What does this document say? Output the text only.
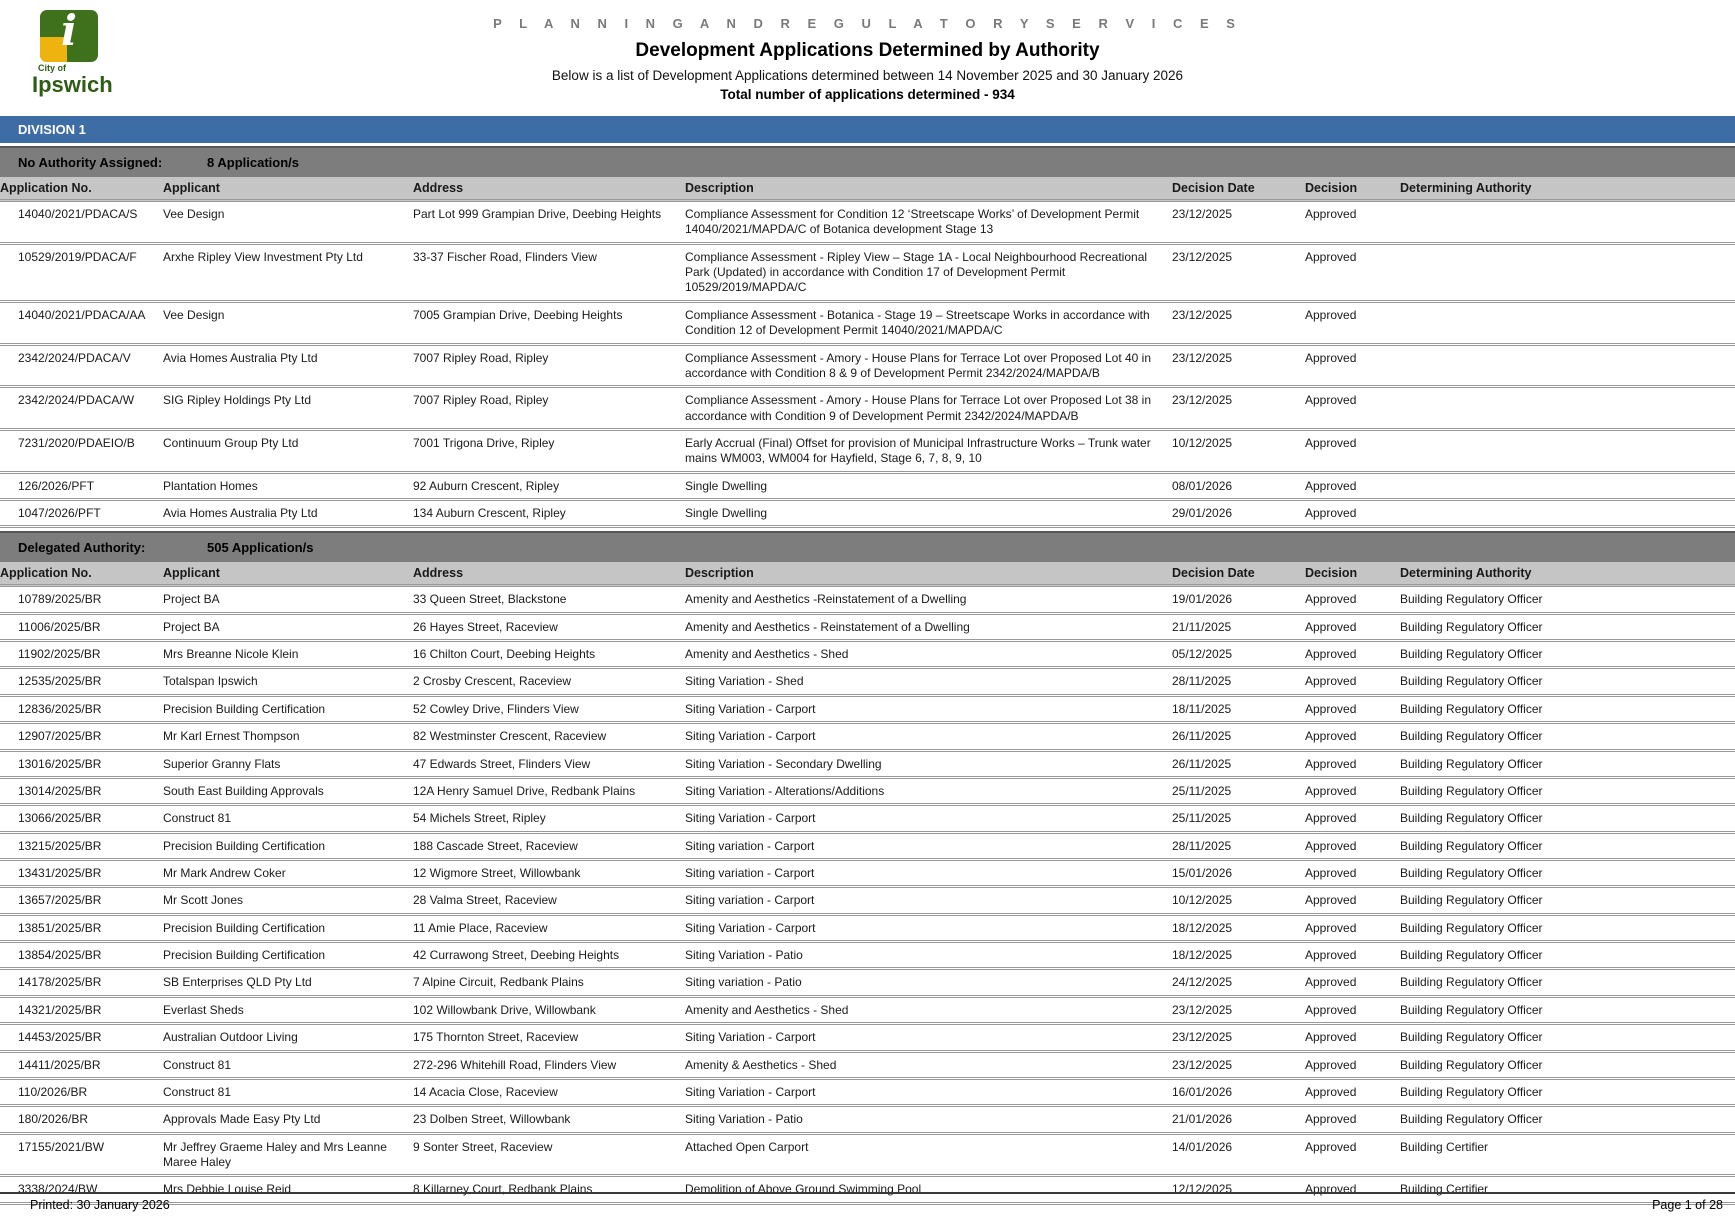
i
City of
Ipswich
P L A N N I N G A N D R E G U L A T O R Y S E R V I C E S
Development Applications Determined by Authority
Below is a list of Development Applications determined between 14 November 2025 and 30 January 2026
Total number of applications determined - 934
DIVISION 1
No Authority Assigned:	8 Application/s
Application No.	Applicant	Address	Description	Decision Date	Decision	Determining Authority
14040/2021/PDACA/S	Vee Design	Part Lot 999 Grampian Drive, Deebing Heights	Compliance Assessment for Condition 12 ‘Streetscape Works’ of Development Permit 14040/2021/MAPDA/C of Botanica development Stage 13	23/12/2025	Approved	
10529/2019/PDACA/F	Arxhe Ripley View Investment Pty Ltd	33-37 Fischer Road, Flinders View	Compliance Assessment - Ripley View – Stage 1A - Local Neighbourhood Recreational Park (Updated) in accordance with Condition 17 of Development Permit 10529/2019/MAPDA/C	23/12/2025	Approved	
14040/2021/PDACA/AA	Vee Design	7005 Grampian Drive, Deebing Heights	Compliance Assessment - Botanica - Stage 19 – Streetscape Works in accordance with Condition 12 of Development Permit 14040/2021/MAPDA/C	23/12/2025	Approved	
2342/2024/PDACA/V	Avia Homes Australia Pty Ltd	7007 Ripley Road, Ripley	Compliance Assessment - Amory - House Plans for Terrace Lot over Proposed Lot 40 in accordance with Condition 8 & 9 of Development Permit 2342/2024/MAPDA/B	23/12/2025	Approved	
2342/2024/PDACA/W	SIG Ripley Holdings Pty Ltd	7007 Ripley Road, Ripley	Compliance Assessment - Amory - House Plans for Terrace Lot over Proposed Lot 38 in accordance with Condition 9 of Development Permit 2342/2024/MAPDA/B	23/12/2025	Approved	
7231/2020/PDAEIO/B	Continuum Group Pty Ltd	7001 Trigona Drive, Ripley	Early Accrual (Final) Offset for provision of Municipal Infrastructure Works – Trunk water mains WM003, WM004 for Hayfield, Stage 6, 7, 8, 9, 10	10/12/2025	Approved	
126/2026/PFT	Plantation Homes	92 Auburn Crescent, Ripley	Single Dwelling	08/01/2026	Approved	
1047/2026/PFT	Avia Homes Australia Pty Ltd	134 Auburn Crescent, Ripley	Single Dwelling	29/01/2026	Approved	
Delegated Authority:	505 Application/s
Application No.	Applicant	Address	Description	Decision Date	Decision	Determining Authority
10789/2025/BR	Project BA	33 Queen Street, Blackstone	Amenity and Aesthetics -Reinstatement of a Dwelling	19/01/2026	Approved	Building Regulatory Officer
11006/2025/BR	Project BA	26 Hayes Street, Raceview	Amenity and Aesthetics - Reinstatement of a Dwelling	21/11/2025	Approved	Building Regulatory Officer
11902/2025/BR	Mrs Breanne Nicole Klein	16 Chilton Court, Deebing Heights	Amenity and Aesthetics - Shed	05/12/2025	Approved	Building Regulatory Officer
12535/2025/BR	Totalspan Ipswich	2 Crosby Crescent, Raceview	Siting Variation - Shed	28/11/2025	Approved	Building Regulatory Officer
12836/2025/BR	Precision Building Certification	52 Cowley Drive, Flinders View	Siting Variation - Carport	18/11/2025	Approved	Building Regulatory Officer
12907/2025/BR	Mr Karl Ernest Thompson	82 Westminster Crescent, Raceview	Siting Variation - Carport	26/11/2025	Approved	Building Regulatory Officer
13016/2025/BR	Superior Granny Flats	47 Edwards Street, Flinders View	Siting Variation - Secondary Dwelling	26/11/2025	Approved	Building Regulatory Officer
13014/2025/BR	South East Building Approvals	12A Henry Samuel Drive, Redbank Plains	Siting Variation - Alterations/Additions	25/11/2025	Approved	Building Regulatory Officer
13066/2025/BR	Construct 81	54 Michels Street, Ripley	Siting Variation - Carport	25/11/2025	Approved	Building Regulatory Officer
13215/2025/BR	Precision Building Certification	188 Cascade Street, Raceview	Siting variation - Carport	28/11/2025	Approved	Building Regulatory Officer
13431/2025/BR	Mr Mark Andrew Coker	12 Wigmore Street, Willowbank	Siting variation - Carport	15/01/2026	Approved	Building Regulatory Officer
13657/2025/BR	Mr Scott Jones	28 Valma Street, Raceview	Siting variation - Carport	10/12/2025	Approved	Building Regulatory Officer
13851/2025/BR	Precision Building Certification	11 Amie Place, Raceview	Siting Variation - Carport	18/12/2025	Approved	Building Regulatory Officer
13854/2025/BR	Precision Building Certification	42 Currawong Street, Deebing Heights	Siting Variation - Patio	18/12/2025	Approved	Building Regulatory Officer
14178/2025/BR	SB Enterprises QLD Pty Ltd	7 Alpine Circuit, Redbank Plains	Siting variation - Patio	24/12/2025	Approved	Building Regulatory Officer
14321/2025/BR	Everlast Sheds	102 Willowbank Drive, Willowbank	Amenity and Aesthetics - Shed	23/12/2025	Approved	Building Regulatory Officer
14453/2025/BR	Australian Outdoor Living	175 Thornton Street, Raceview	Siting Variation - Carport	23/12/2025	Approved	Building Regulatory Officer
14411/2025/BR	Construct 81	272-296 Whitehill Road, Flinders View	Amenity & Aesthetics - Shed	23/12/2025	Approved	Building Regulatory Officer
110/2026/BR	Construct 81	14 Acacia Close, Raceview	Siting Variation - Carport	16/01/2026	Approved	Building Regulatory Officer
180/2026/BR	Approvals Made Easy Pty Ltd	23 Dolben Street, Willowbank	Siting Variation - Patio	21/01/2026	Approved	Building Regulatory Officer
17155/2021/BW	Mr Jeffrey Graeme Haley and Mrs Leanne Maree Haley	9 Sonter Street, Raceview	Attached Open Carport	14/01/2026	Approved	Building Certifier
3338/2024/BW	Mrs Debbie Louise Reid	8 Killarney Court, Redbank Plains	Demolition of Above Ground Swimming Pool	12/12/2025	Approved	Building Certifier
Printed: 30 January 2026	Page 1 of 28
